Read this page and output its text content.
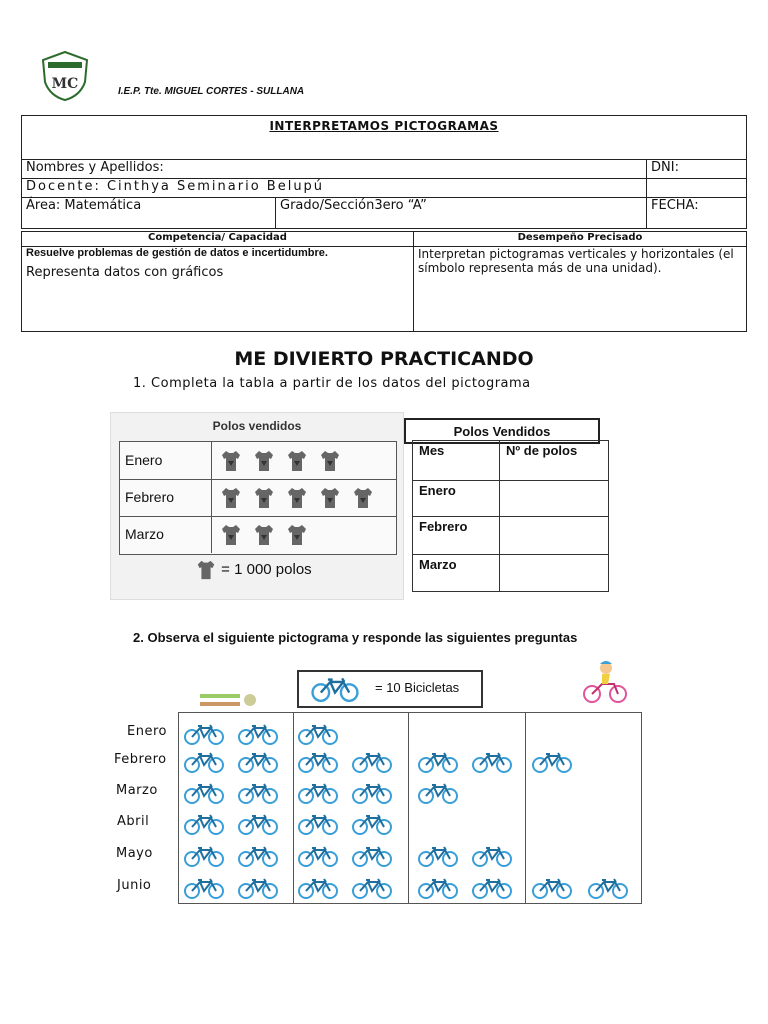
MC	I.E.P. Tte. MIGUEL CORTES - SULLANA
INTERPRETAMOS PICTOGRAMAS		
Nombres y Apellidos:		DNI:
Docente: Cinthya Seminario Belupú		
Área: Matemática	Grado/Sección3ero “A”	FECHA:
Competencia/ Capacidad	Desempeño Precisado

Resuelve problemas de gestión de datos e incertidumbre.
Representa datos con gráficos	Interpretan pictogramas verticales y horizontales (el símbolo representa más de una unidad).
ME DIVIERTO PRACTICANDO
1. Completa la tabla a partir de los datos del pictograma
Polos vendidos
Enero
Febrero
Marzo
= 1 000 polos
Polos Vendidos
Mes	Nº de polos
Enero	
Febrero	
Marzo	
2. Observa el siguiente pictograma y responde las siguientes preguntas
= 10 Bicicletas
Enero
Febrero
Marzo
Abril
Mayo
Junio
